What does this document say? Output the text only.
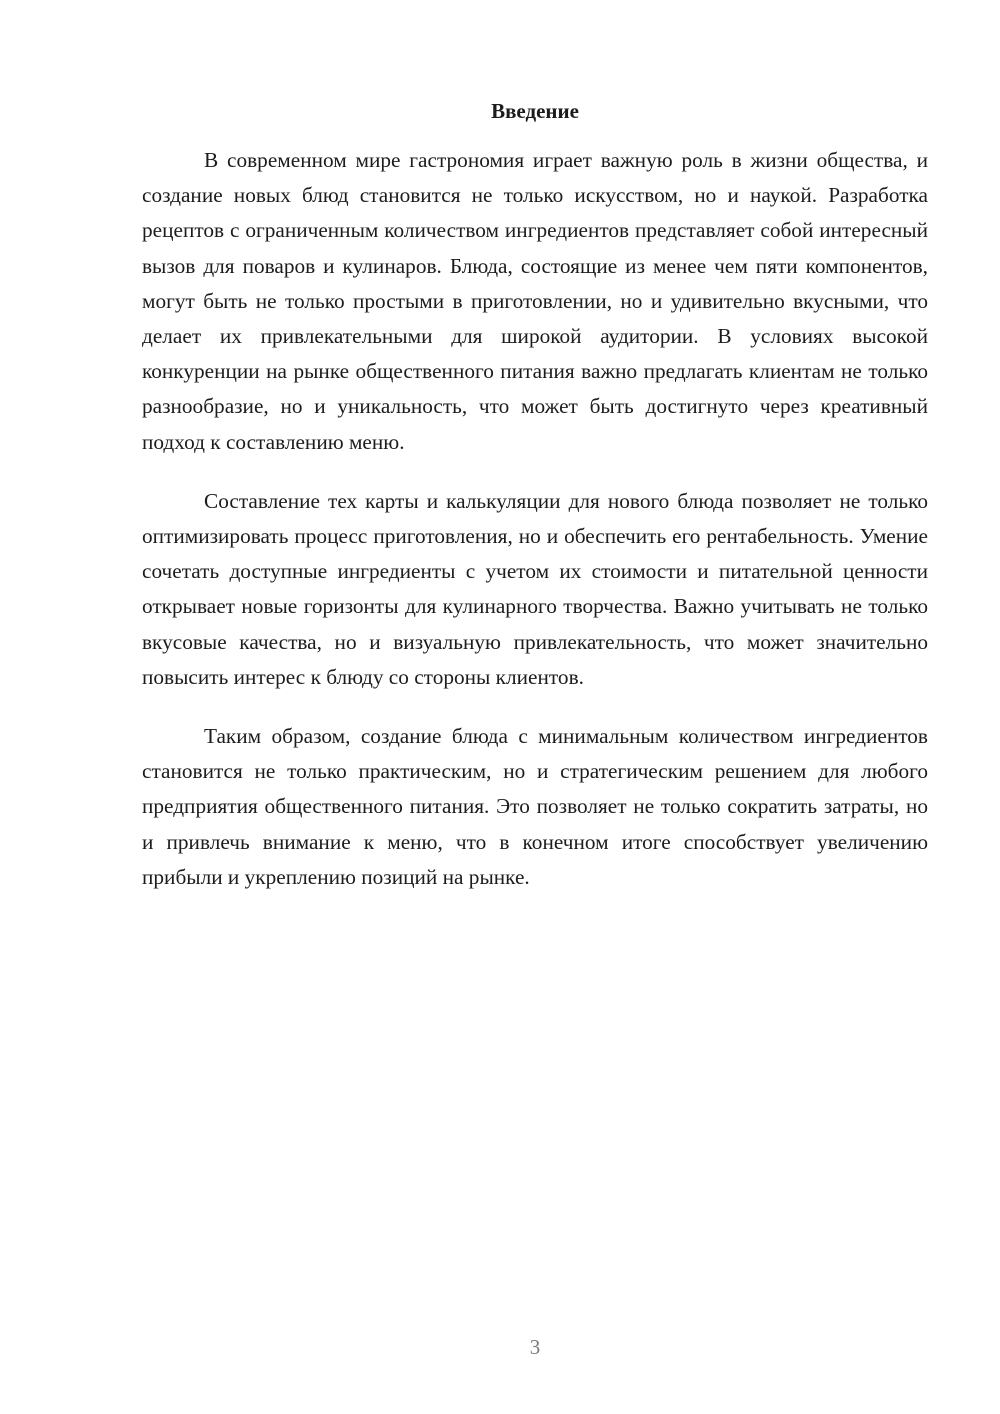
Введение

В современном мире гастрономия играет важную роль в жизни общества, и создание новых блюд становится не только искусством, но и наукой. Разработка рецептов с ограниченным количеством ингредиентов представляет собой интересный вызов для поваров и кулинаров. Блюда, состоящие из менее чем пяти компонентов, могут быть не только простыми в приготовлении, но и удивительно вкусными, что делает их привлекательными для широкой аудитории. В условиях высокой конкуренции на рынке общественного питания важно предлагать клиентам не только разнообразие, но и уникальность, что может быть достигнуто через креативный подход к составлению меню.

Составление тех карты и калькуляции для нового блюда позволяет не только оптимизировать процесс приготовления, но и обеспечить его рентабельность. Умение сочетать доступные ингредиенты с учетом их стоимости и питательной ценности открывает новые горизонты для кулинарного творчества. Важно учитывать не только вкусовые качества, но и визуальную привлекательность, что может значительно повысить интерес к блюду со стороны клиентов.

Таким образом, создание блюда с минимальным количеством ингредиентов становится не только практическим, но и стратегическим решением для любого предприятия общественного питания. Это позволяет не только сократить затраты, но и привлечь внимание к меню, что в конечном итоге способствует увеличению прибыли и укреплению позиций на рынке.

3
